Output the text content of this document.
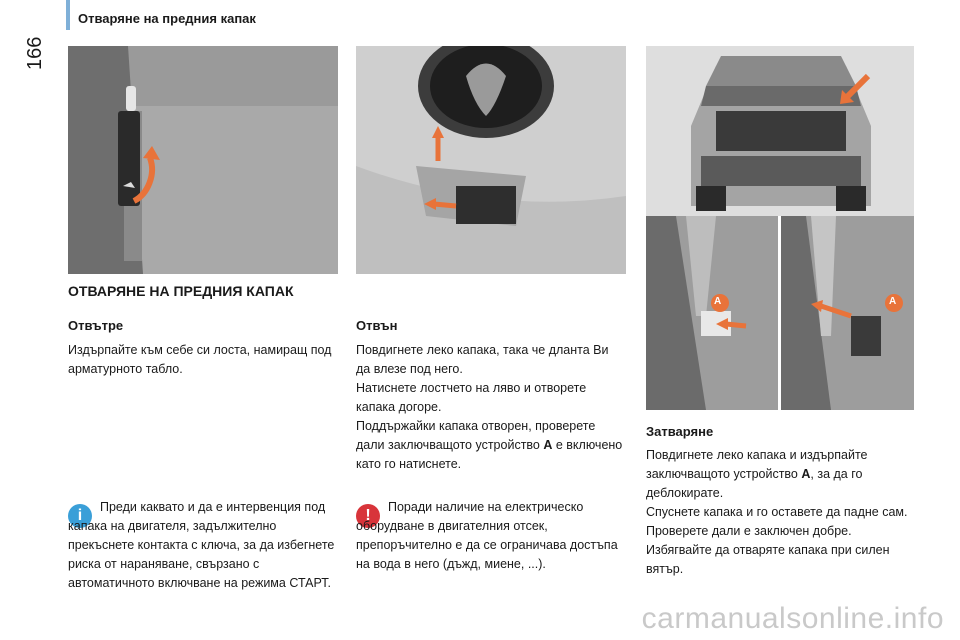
Отваряне на предния капак
166
A	A
ОТВАРЯНЕ НА ПРЕДНИЯ КАПАК
Отвътре
Издърпайте към себе си лоста, намиращ под арматурното табло.
Отвън
Повдигнете леко капака, така че дланта Ви да влезе под него.
Натиснете лостчето на ляво и отворете капака догоре.
Поддържайки капака отворен, проверете дали заключващото устройство A е включено като го натиснете.
Затваряне
Повдигнете леко капака и издърпайте заключващото устройство A, за да го деблокирате.
Спуснете капака и го оставете да падне сам. Проверете дали е заключен добре.
Избягвайте да отваряте капака при силен вятър.
i	Преди каквато и да е интервенция под капака на двигателя, задължително прекъснете контакта с ключа, за да избегнете риска от нараняване, свързано с автоматичното включване на режима СТАРТ.
!	Поради наличие на електрическо оборудване в двигателния отсек, препоръчително е да се ограничава достъпа на вода в него (дъжд, миене, ...).
carmanualsonline.info
